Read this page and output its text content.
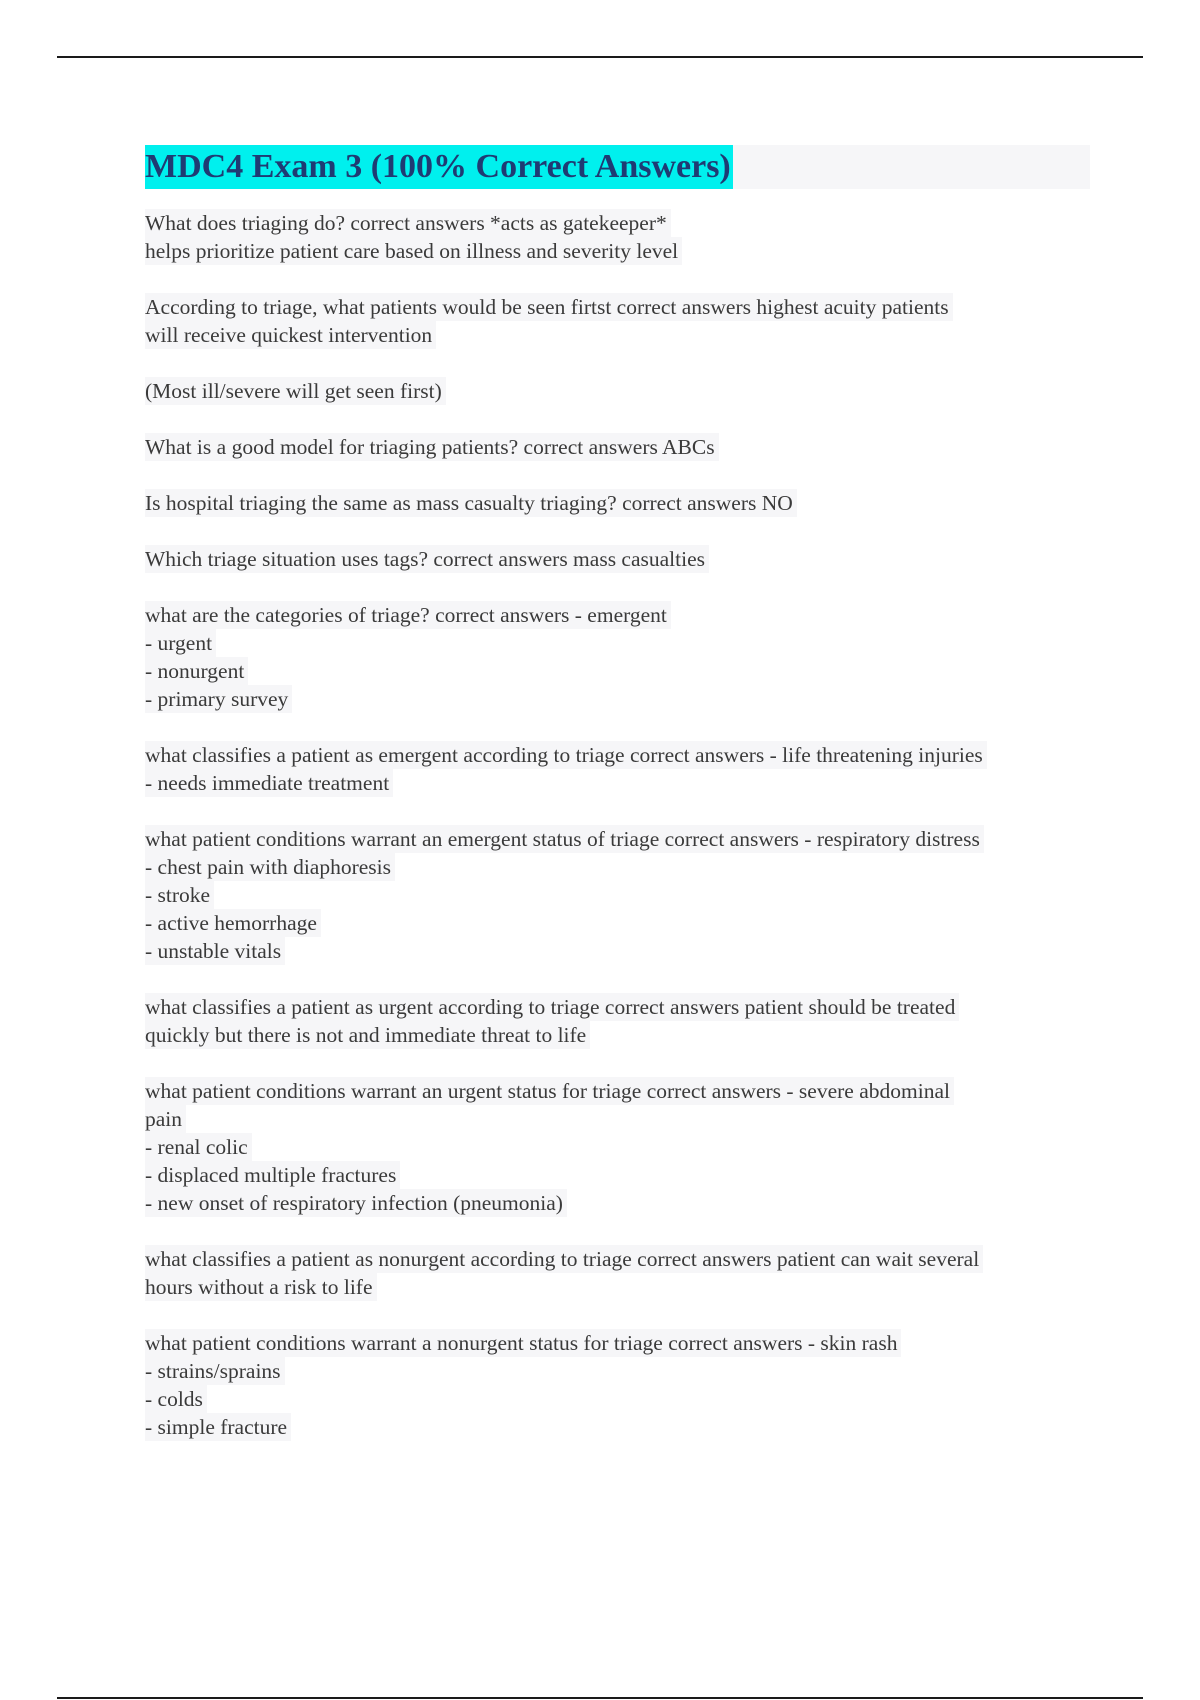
MDC4 Exam 3 (100% Correct Answers)
What does triaging do? correct answers *acts as gatekeeper*
helps prioritize patient care based on illness and severity level
According to triage, what patients would be seen firtst correct answers highest acuity patients
will receive quickest intervention
(Most ill/severe will get seen first)
What is a good model for triaging patients? correct answers ABCs
Is hospital triaging the same as mass casualty triaging? correct answers NO
Which triage situation uses tags? correct answers mass casualties
what are the categories of triage? correct answers - emergent
- urgent
- nonurgent
- primary survey
what classifies a patient as emergent according to triage correct answers - life threatening injuries
- needs immediate treatment
what patient conditions warrant an emergent status of triage correct answers - respiratory distress
- chest pain with diaphoresis
- stroke
- active hemorrhage
- unstable vitals
what classifies a patient as urgent according to triage correct answers patient should be treated
quickly but there is not and immediate threat to life
what patient conditions warrant an urgent status for triage correct answers - severe abdominal
pain
- renal colic
- displaced multiple fractures
- new onset of respiratory infection (pneumonia)
what classifies a patient as nonurgent according to triage correct answers patient can wait several
hours without a risk to life
what patient conditions warrant a nonurgent status for triage correct answers - skin rash
- strains/sprains
- colds
- simple fracture
